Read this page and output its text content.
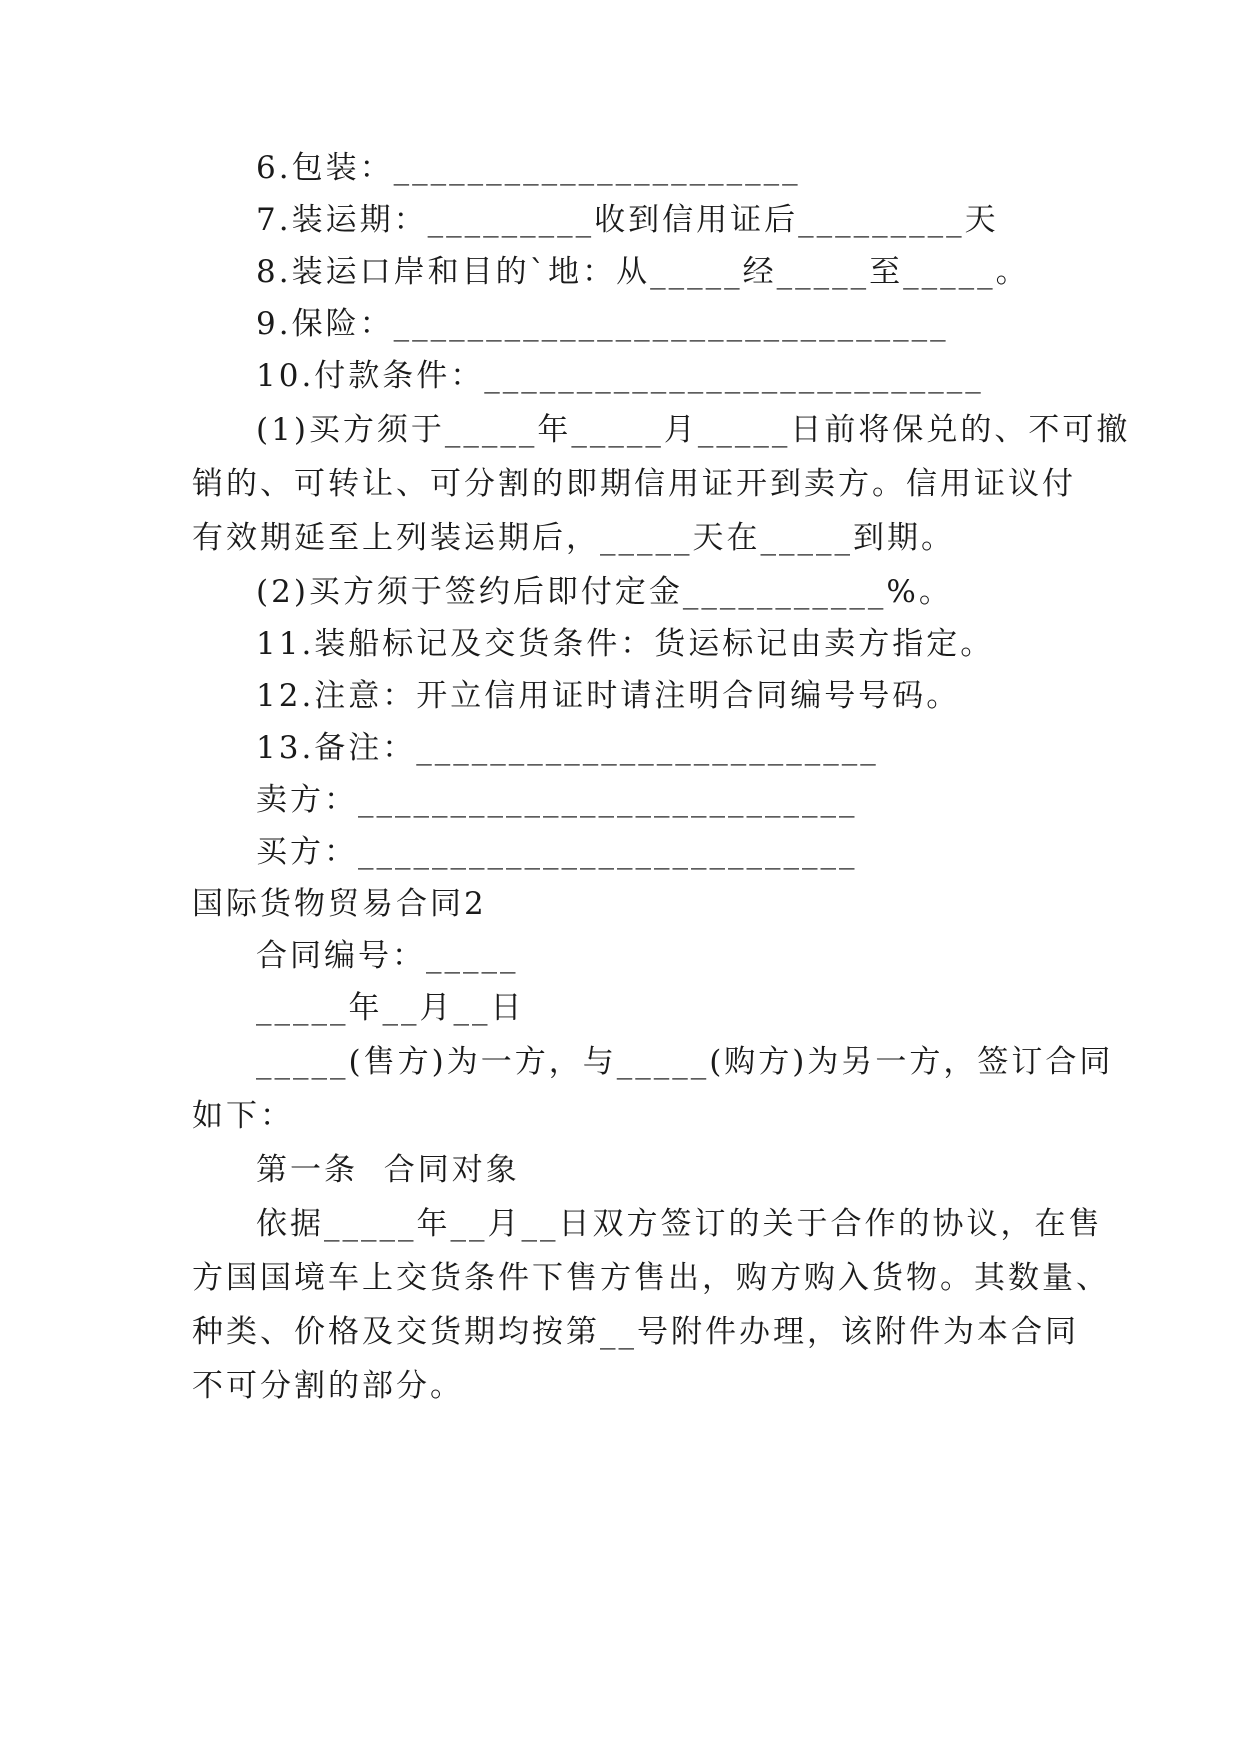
6.包装：______________________
7.装运期：_________收到信用证后_________天
8.装运口岸和目的`地：从_____经_____至_____。
9.保险：______________________________
10.付款条件：___________________________
(1)买方须于_____年_____月_____日前将保兑的、不可撤
销的、可转让、可分割的即期信用证开到卖方。信用证议付
有效期延至上列装运期后，_____天在_____到期。
(2)买方须于签约后即付定金___________%。
11.装船标记及交货条件：货运标记由卖方指定。
12.注意：开立信用证时请注明合同编号号码。
13.备注：_________________________
卖方：___________________________
买方：___________________________
国际货物贸易合同2
合同编号：_____
_____年__月__日
_____(售方)为一方，与_____(购方)为另一方，签订合同
如下：
第一条  合同对象
依据_____年__月__日双方签订的关于合作的协议，在售
方国国境车上交货条件下售方售出，购方购入货物。其数量、
种类、价格及交货期均按第__号附件办理，该附件为本合同
不可分割的部分。
